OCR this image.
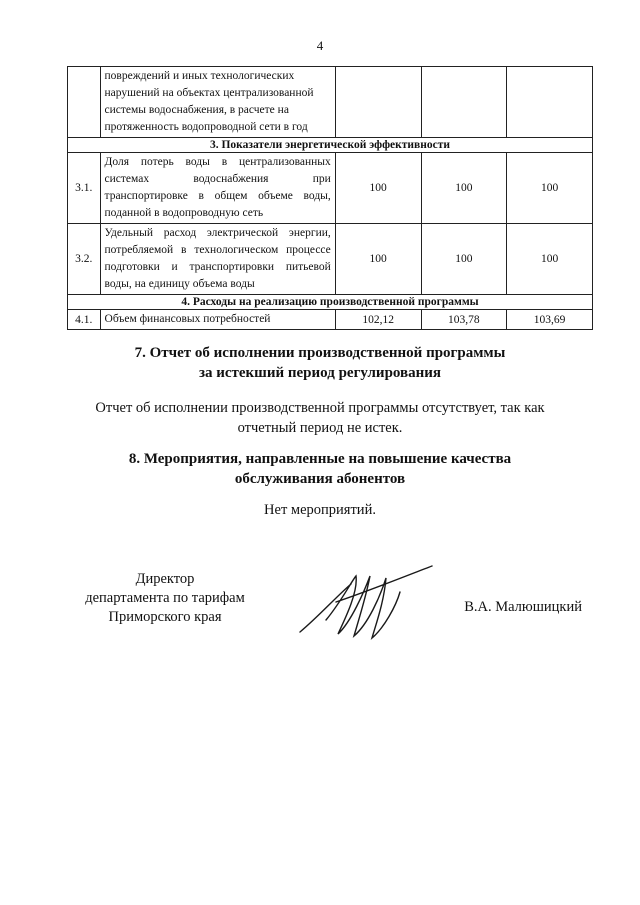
4

	повреждений и иных технологических
нарушений на объектах централизованной
системы водоснабжения, в расчете на
протяженность водопроводной сети в год			

3. Показатели энергетической эффективности				
3.1.	Доля потерь воды в централизованных системах водоснабжения при транспортировке в общем объеме воды, поданной в водопроводную сеть	100	100	100
3.2.	Удельный расход электрической энергии, потребляемой в технологическом процессе подготовки и транспортировки питьевой воды, на единицу объема воды	100	100	100
4. Расходы на реализацию производственной программы				
4.1.	Объем финансовых потребностей	102,12	103,78	103,69
7. Отчет об исполнении производственной программы
за истекший период регулирования
Отчет об исполнении производственной программы отсутствует, так как
отчетный период не истек.
8. Мероприятия, направленные на повышение качества
обслуживания абонентов
Нет мероприятий.
Директор
департамента по тарифам
Приморского края
В.А. Малюшицкий
